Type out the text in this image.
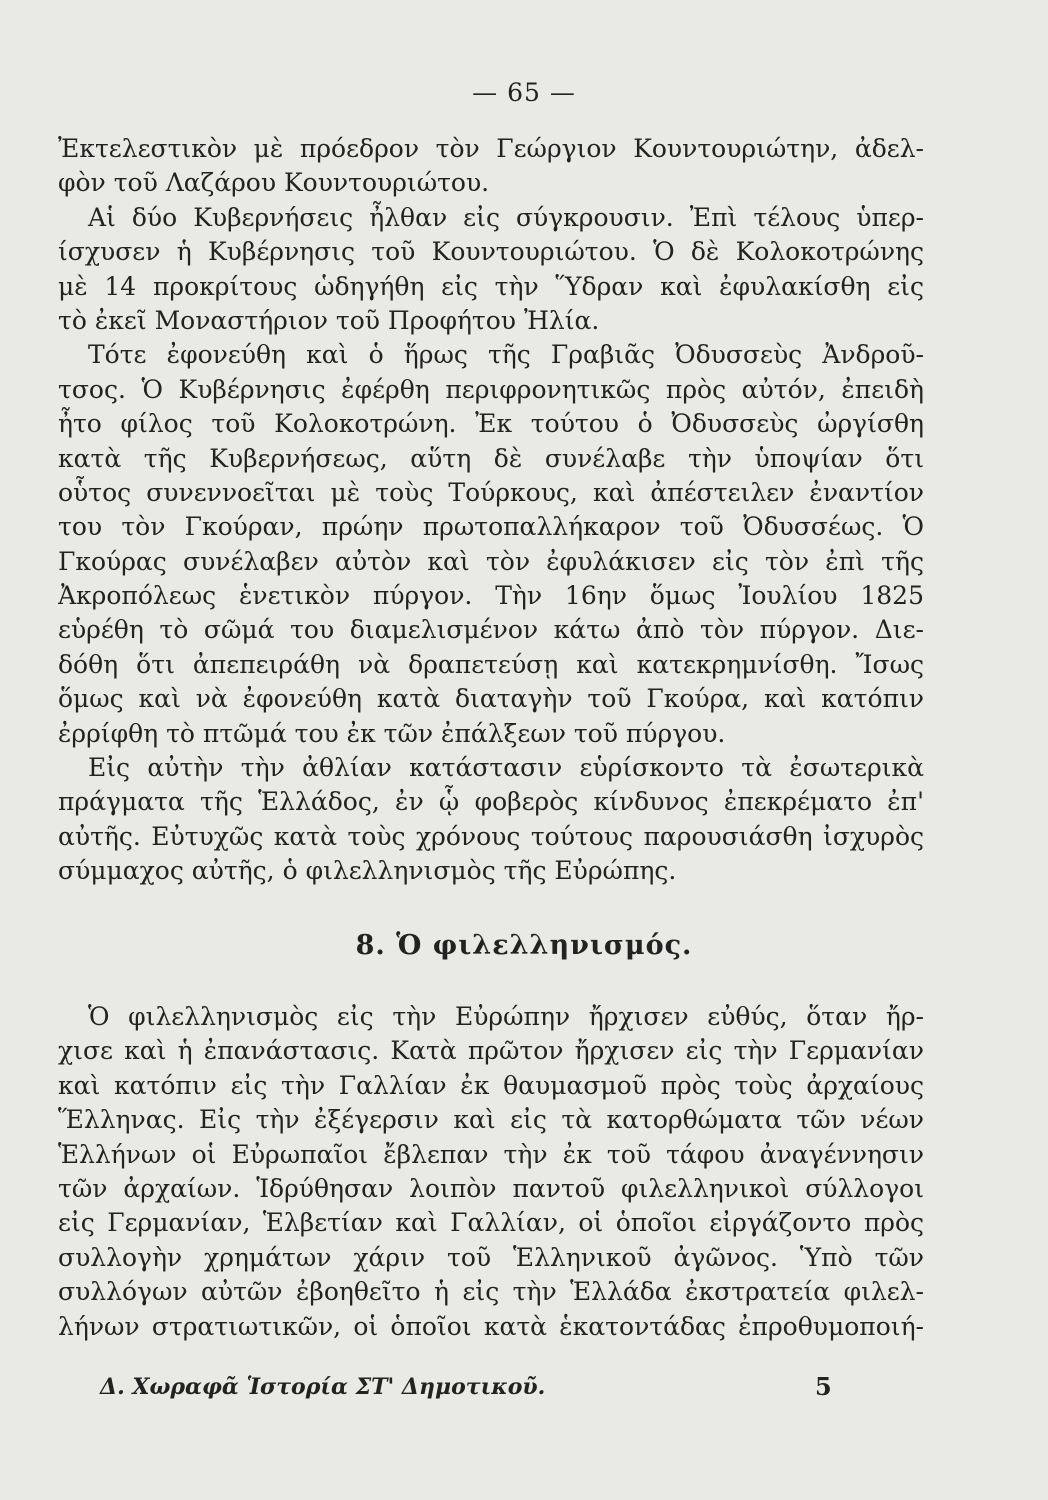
— 65 —
Ἐκτελεστικὸν μὲ πρόεδρον τὸν Γεώργιον Κουντουριώτην, ἀδελ-
φὸν τοῦ Λαζάρου Κουντουριώτου.
Αἱ δύο Κυβερνήσεις ἦλθαν εἰς σύγκρουσιν. Ἐπὶ τέλους ὑπερ-
ίσχυσεν ἡ Κυβέρνησις τοῦ Κουντουριώτου. Ὁ δὲ Κολοκοτρώνης
μὲ 14 προκρίτους ὡδηγήθη εἰς τὴν Ὕδραν καὶ ἐφυλακίσθη εἰς
τὸ ἐκεῖ Μοναστήριον τοῦ Προφήτου Ἠλία.
Τότε ἐφονεύθη καὶ ὁ ἥρως τῆς Γραβιᾶς Ὀδυσσεὺς Ἀνδροῦ-
τσος. Ὁ Κυβέρνησις ἐφέρθη περιφρονητικῶς πρὸς αὐτόν, ἐπειδὴ
ἦτο φίλος τοῦ Κολοκοτρώνη. Ἐκ τούτου ὁ Ὀδυσσεὺς ὠργίσθη
κατὰ τῆς Κυβερνήσεως, αὕτη δὲ συνέλαβε τὴν ὑποψίαν ὅτι
οὗτος συνεννοεῖται μὲ τοὺς Τούρκους, καὶ ἀπέστειλεν ἐναντίον
του τὸν Γκούραν, πρώην πρωτοπαλλήκαρον τοῦ Ὀδυσσέως. Ὁ
Γκούρας συνέλαβεν αὐτὸν καὶ τὸν ἐφυλάκισεν εἰς τὸν ἐπὶ τῆς
Ἀκροπόλεως ἑνετικὸν πύργον. Τὴν 16ην ὅμως Ἰουλίου 1825
εὑρέθη τὸ σῶμά του διαμελισμένον κάτω ἀπὸ τὸν πύργον. Διε-
δόθη ὅτι ἀπεπειράθη νὰ δραπετεύσῃ καὶ κατεκρημνίσθη. Ἴσως
ὅμως καὶ νὰ ἐφονεύθη κατὰ διαταγὴν τοῦ Γκούρα, καὶ κατόπιν
ἐρρίφθη τὸ πτῶμά του ἐκ τῶν ἐπάλξεων τοῦ πύργου.
Εἰς αὐτὴν τὴν ἀθλίαν κατάστασιν εὑρίσκοντο τὰ ἐσωτερικὰ
πράγματα τῆς Ἑλλάδος, ἐν ᾧ φοβερὸς κίνδυνος ἐπεκρέματο ἐπ'
αὐτῆς. Εὐτυχῶς κατὰ τοὺς χρόνους τούτους παρουσιάσθη ἰσχυρὸς
σύμμαχος αὐτῆς, ὁ φιλελληνισμὸς τῆς Εὐρώπης.
8. Ὁ φιλελληνισμός.
Ὁ φιλελληνισμὸς εἰς τὴν Εὐρώπην ἤρχισεν εὐθύς, ὅταν ἤρ-
χισε καὶ ἡ ἐπανάστασις. Κατὰ πρῶτον ἤρχισεν εἰς τὴν Γερμανίαν
καὶ κατόπιν εἰς τὴν Γαλλίαν ἐκ θαυμασμοῦ πρὸς τοὺς ἀρχαίους
Ἕλληνας. Εἰς τὴν ἐξέγερσιν καὶ εἰς τὰ κατορθώματα τῶν νέων
Ἑλλήνων οἱ Εὐρωπαῖοι ἔβλεπαν τὴν ἐκ τοῦ τάφου ἀναγέννησιν
τῶν ἀρχαίων. Ἱδρύθησαν λοιπὸν παντοῦ φιλελληνικοὶ σύλλογοι
εἰς Γερμανίαν, Ἑλβετίαν καὶ Γαλλίαν, οἱ ὁποῖοι εἰργάζοντο πρὸς
συλλογὴν χρημάτων χάριν τοῦ Ἑλληνικοῦ ἀγῶνος. Ὑπὸ τῶν
συλλόγων αὐτῶν ἐβοηθεῖτο ἡ εἰς τὴν Ἑλλάδα ἐκστρατεία φιλελ-
λήνων στρατιωτικῶν, οἱ ὁποῖοι κατὰ ἑκατοντάδας ἐπροθυμοποιή-
Δ. Χωραφᾶ Ἱστορία ΣΤ' Δημοτικοῦ.	5
